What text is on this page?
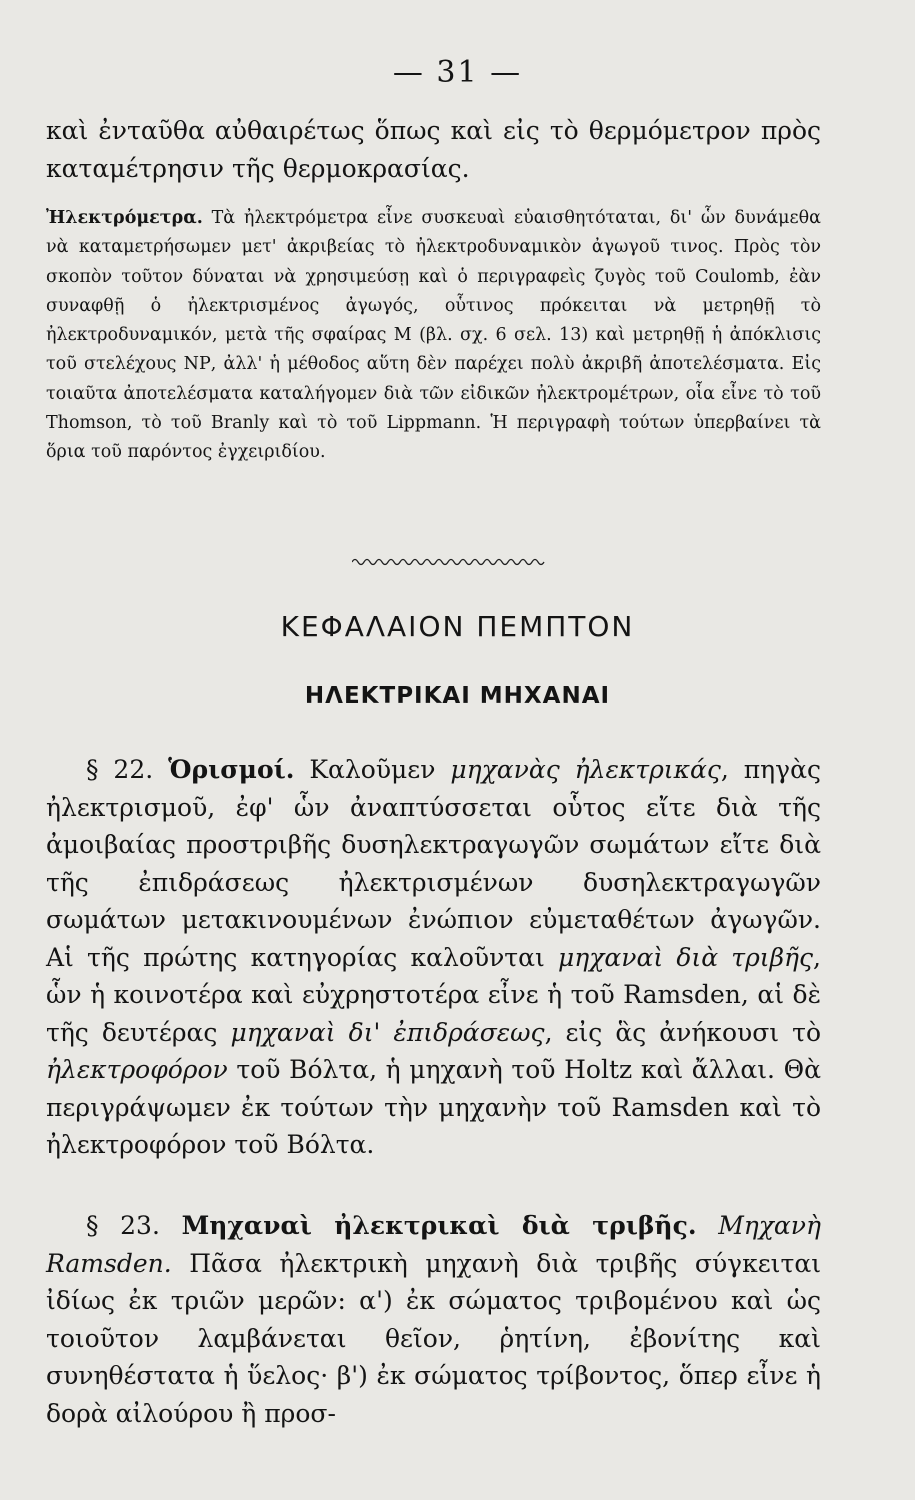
— 31 —

καὶ ἐνταῦθα αὐθαιρέτως ὅπως καὶ εἰς τὸ θερμόμετρον πρὸς καταμέτρησιν τῆς θερμοκρασίας.

Ἠλεκτρόμετρα. Τὰ ἠλεκτρόμετρα εἶνε συσκευαὶ εὐαισθητόταται, δι' ὧν δυνάμεθα νὰ καταμετρήσωμεν μετ' ἀκριβείας τὸ ἠλεκτροδυναμικὸν ἀγωγοῦ τινος. Πρὸς τὸν σκοπὸν τοῦτον δύναται νὰ χρησιμεύσῃ καὶ ὁ περιγραφεὶς ζυγὸς τοῦ Coulomb, ἐὰν συναφθῇ ὁ ἠλεκτρισμένος ἀγωγός, οὗτινος πρόκειται νὰ μετρηθῇ τὸ ἠλεκτροδυναμικόν, μετὰ τῆς σφαίρας Μ (βλ. σχ. 6 σελ. 13) καὶ μετρηθῇ ἡ ἀπόκλισις τοῦ στελέχους ΝΡ, ἀλλ' ἡ μέθοδος αὕτη δὲν παρέχει πολὺ ἀκριβῆ ἀποτελέσματα. Εἰς τοιαῦτα ἀποτελέσματα καταλήγομεν διὰ τῶν εἰδικῶν ἠλεκτρομέτρων, οἷα εἶνε τὸ τοῦ Thomson, τὸ τοῦ Branly καὶ τὸ τοῦ Lippmann. Ἡ περιγραφὴ τούτων ὑπερβαίνει τὰ ὅρια τοῦ παρόντος ἐγχειριδίου.

ΚΕΦΑΛΑΙΟΝ ΠΕΜΠΤΟΝ
ΗΛΕΚΤΡΙΚΑΙ ΜΗΧΑΝΑΙ

§ 22. Ὁρισμοί. Καλοῦμεν μηχανὰς ἠλεκτρικάς, πηγὰς ἠλεκτρισμοῦ, ἐφ' ὧν ἀναπτύσσεται οὗτος εἴτε διὰ τῆς ἀμοιβαίας προστριβῆς δυσηλεκτραγωγῶν σωμάτων εἴτε διὰ τῆς ἐπιδράσεως ἠλεκτρισμένων δυσηλεκτραγωγῶν σωμάτων μετακινουμένων ἐνώπιον εὐμεταθέτων ἀγωγῶν. Αἱ τῆς πρώτης κατηγορίας καλοῦνται μηχαναὶ διὰ τριβῆς, ὧν ἡ κοινοτέρα καὶ εὐχρηστοτέρα εἶνε ἡ τοῦ Ramsden, αἱ δὲ τῆς δευτέρας μηχαναὶ δι' ἐπιδράσεως, εἰς ἃς ἀνήκουσι τὸ ἠλεκτροφόρον τοῦ Βόλτα, ἡ μηχανὴ τοῦ Holtz καὶ ἄλλαι. Θὰ περιγράψωμεν ἐκ τούτων τὴν μηχανὴν τοῦ Ramsden καὶ τὸ ἠλεκτροφόρον τοῦ Βόλτα.

§ 23. Μηχαναὶ ἠλεκτρικαὶ διὰ τριβῆς. Μηχανὴ Ramsden. Πᾶσα ἠλεκτρικὴ μηχανὴ διὰ τριβῆς σύγκειται ἰδίως ἐκ τριῶν μερῶν: α') ἐκ σώματος τριβομένου καὶ ὡς τοιοῦτον λαμβάνεται θεῖον, ῥητίνη, ἐβονίτης καὶ συνηθέστατα ἡ ὕελος· β') ἐκ σώματος τρίβοντος, ὅπερ εἶνε ἡ δορὰ αἰλούρου ἢ προσ-
